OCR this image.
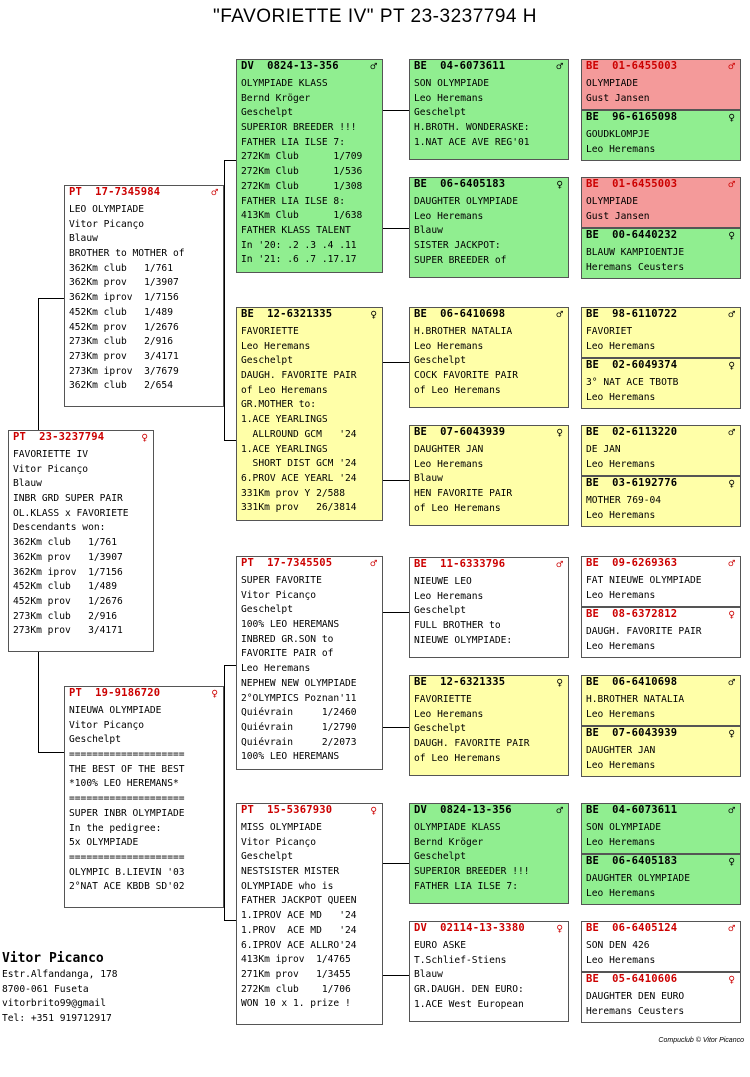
"FAVORIETTE IV" PT 23-3237794 H
PT  23-3237794	♀
FAVORIETTE IV
Vitor Picanço
Blauw
INBR GRD SUPER PAIR
OL.KLASS x FAVORIETE
Descendants won:
362Km club   1/761
362Km prov   1/3907
362Km iprov  1/7156
452Km club   1/489
452Km prov   1/2676
273Km club   2/916
273Km prov   3/4171
PT  17-7345984	♂
LEO OLYMPIADE
Vitor Picanço
Blauw
BROTHER to MOTHER of
362Km club   1/761
362Km prov   1/3907
362Km iprov  1/7156
452Km club   1/489
452Km prov   1/2676
273Km club   2/916
273Km prov   3/4171
273Km iprov  3/7679
362Km club   2/654
PT  19-9186720	♀
NIEUWA OLYMPIADE
Vitor Picanço
Geschelpt
====================
THE BEST OF THE BEST
*100% LEO HEREMANS*
====================
SUPER INBR OLYMPIADE
In the pedigree:
5x OLYMPIADE
====================
OLYMPIC B.LIEVIN '03
2°NAT ACE KBDB SD'02
DV  0824-13-356	♂
OLYMPIADE KLASS
Bernd Kröger
Geschelpt
SUPERIOR BREEDER !!!
FATHER LIA ILSE 7:
272Km Club      1/709
272Km Club      1/536
272Km Club      1/308
FATHER LIA ILSE 8:
413Km Club      1/638
FATHER KLASS TALENT
In '20: .2 .3 .4 .11
In '21: .6 .7 .17.17
BE  12-6321335	♀
FAVORIETTE
Leo Heremans
Geschelpt
DAUGH. FAVORITE PAIR
of Leo Heremans
GR.MOTHER to:
1.ACE YEARLINGS
ALLROUND GCM   '24
1.ACE YEARLINGS
SHORT DIST GCM '24
6.PROV ACE YEARL '24
331Km prov Y 2/588
331Km prov   26/3814
PT  17-7345505	♂
SUPER FAVORITE
Vitor Picanço
Geschelpt
100% LEO HEREMANS
INBRED GR.SON to
FAVORITE PAIR of
Leo Heremans
NEPHEW NEW OLYMPIADE
2°OLYMPICS Poznan'11
Quiévrain     1/2460
Quiévrain     1/2790
Quiévrain     2/2073
100% LEO HEREMANS
PT  15-5367930	♀
MISS OLYMPIADE
Vitor Picanço
Geschelpt
NESTSISTER MISTER
OLYMPIADE who is
FATHER JACKPOT QUEEN
1.IPROV ACE MD   '24
1.PROV  ACE MD   '24
6.IPROV ACE ALLRO'24
413Km iprov  1/4765
271Km prov   1/3455
272Km club    1/706
WON 10 x 1. prize !
BE  04-6073611	♂
SON OLYMPIADE
Leo Heremans
Geschelpt
H.BROTH. WONDERASKE:
1.NAT ACE AVE REG'01
BE  06-6405183	♀
DAUGHTER OLYMPIADE
Leo Heremans
Blauw
SISTER JACKPOT:
SUPER BREEDER of
BE  06-6410698	♂
H.BROTHER NATALIA
Leo Heremans
Geschelpt
COCK FAVORITE PAIR
of Leo Heremans
BE  07-6043939	♀
DAUGHTER JAN
Leo Heremans
Blauw
HEN FAVORITE PAIR
of Leo Heremans
BE  11-6333796	♂
NIEUWE LEO
Leo Heremans
Geschelpt
FULL BROTHER to
NIEUWE OLYMPIADE:
BE  12-6321335	♀
FAVORIETTE
Leo Heremans
Geschelpt
DAUGH. FAVORITE PAIR
of Leo Heremans
DV  0824-13-356	♂
OLYMPIADE KLASS
Bernd Kröger
Geschelpt
SUPERIOR BREEDER !!!
FATHER LIA ILSE 7:
DV  02114-13-3380	♀
EURO ASKE
T.Schlief-Stiens
Blauw
GR.DAUGH. DEN EURO:
1.ACE West European
BE  01-6455003	♂
OLYMPIADE
Gust Jansen
BE  96-6165098	♀
GOUDKLOMPJE
Leo Heremans
BE  01-6455003	♂
OLYMPIADE
Gust Jansen
BE  00-6440232	♀
BLAUW KAMPIOENTJE
Heremans Ceusters
BE  98-6110722	♂
FAVORIET
Leo Heremans
BE  02-6049374	♀
3° NAT ACE TBOTB
Leo Heremans
BE  02-6113220	♂
DE JAN
Leo Heremans
BE  03-6192776	♀
MOTHER 769-04
Leo Heremans
BE  09-6269363	♂
FAT NIEUWE OLYMPIADE
Leo Heremans
BE  08-6372812	♀
DAUGH. FAVORITE PAIR
Leo Heremans
BE  06-6410698	♂
H.BROTHER NATALIA
Leo Heremans
BE  07-6043939	♀
DAUGHTER JAN
Leo Heremans
BE  04-6073611	♂
SON OLYMPIADE
Leo Heremans
BE  06-6405183	♀
DAUGHTER OLYMPIADE
Leo Heremans
BE  06-6405124	♂
SON DEN 426
Leo Heremans
BE  05-6410606	♀
DAUGHTER DEN EURO
Heremans Ceusters
Vitor Picanco
Estr.Alfandanga, 178
8700-061 Fuseta
vitorbrito99@gmail
Tel: +351 919712917
Compuclub © Vitor Picanco
